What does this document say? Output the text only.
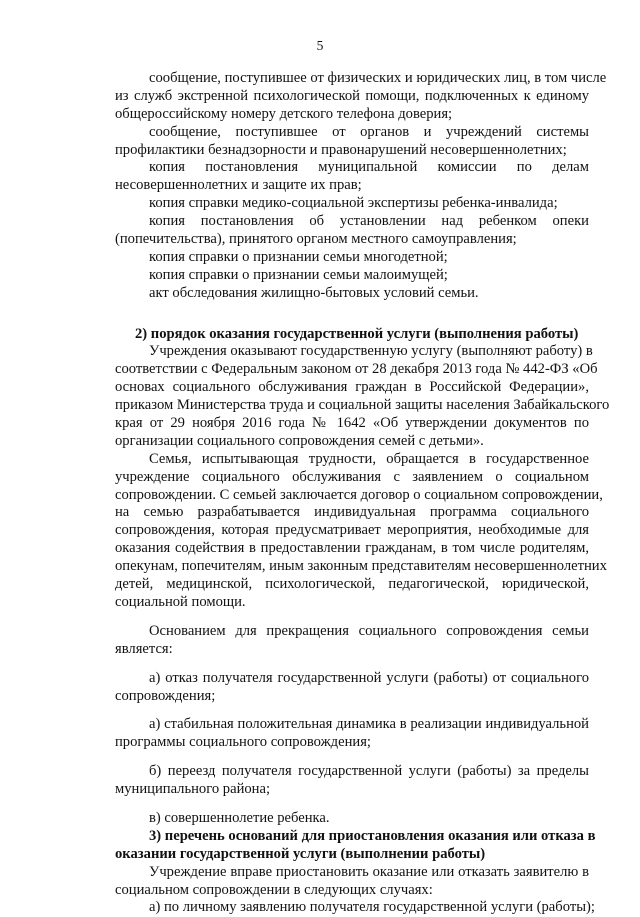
5
сообщение, поступившее от физических и юридических лиц, в том числе
из служб экстренной психологической помощи, подключенных к единому
общероссийскому номеру детского телефона доверия;
сообщение, поступившее от органов и учреждений системы
профилактики безнадзорности и правонарушений несовершеннолетних;
копия постановления муниципальной комиссии по делам
несовершеннолетних и защите их прав;
копия справки медико-социальной экспертизы ребенка-инвалида;
копия постановления об установлении над ребенком опеки
(попечительства), принятого органом местного самоуправления;
копия справки о признании семьи многодетной;
копия справки о признании семьи малоимущей;
акт обследования жилищно-бытовых условий семьи.
2) порядок оказания государственной услуги (выполнения работы)
Учреждения оказывают государственную услугу (выполняют работу) в
соответствии с Федеральным законом от 28 декабря 2013 года № 442-ФЗ «Об
основах социального обслуживания граждан в Российской Федерации»,
приказом Министерства труда и социальной защиты населения Забайкальского
края от 29 ноября 2016 года № 1642 «Об утверждении документов по
организации социального сопровождения семей с детьми».
Семья, испытывающая трудности, обращается в государственное
учреждение социального обслуживания с заявлением о социальном
сопровождении. С семьей заключается договор о социальном сопровождении,
на семью разрабатывается индивидуальная программа социального
сопровождения, которая предусматривает мероприятия, необходимые для
оказания содействия в предоставлении гражданам, в том числе родителям,
опекунам, попечителям, иным законным представителям несовершеннолетних
детей, медицинской, психологической, педагогической, юридической,
социальной помощи.
Основанием для прекращения социального сопровождения семьи
является:
а) отказ получателя государственной услуги (работы) от социального
сопровождения;
а) стабильная положительная динамика в реализации индивидуальной
программы социального сопровождения;
б) переезд получателя государственной услуги (работы) за пределы
муниципального района;
в) совершеннолетие ребенка.
3) перечень оснований для приостановления оказания или отказа в
оказании государственной услуги (выполнении работы)
Учреждение вправе приостановить оказание или отказать заявителю в
социальном сопровождении в следующих случаях:
а) по личному заявлению получателя государственной услуги (работы);
